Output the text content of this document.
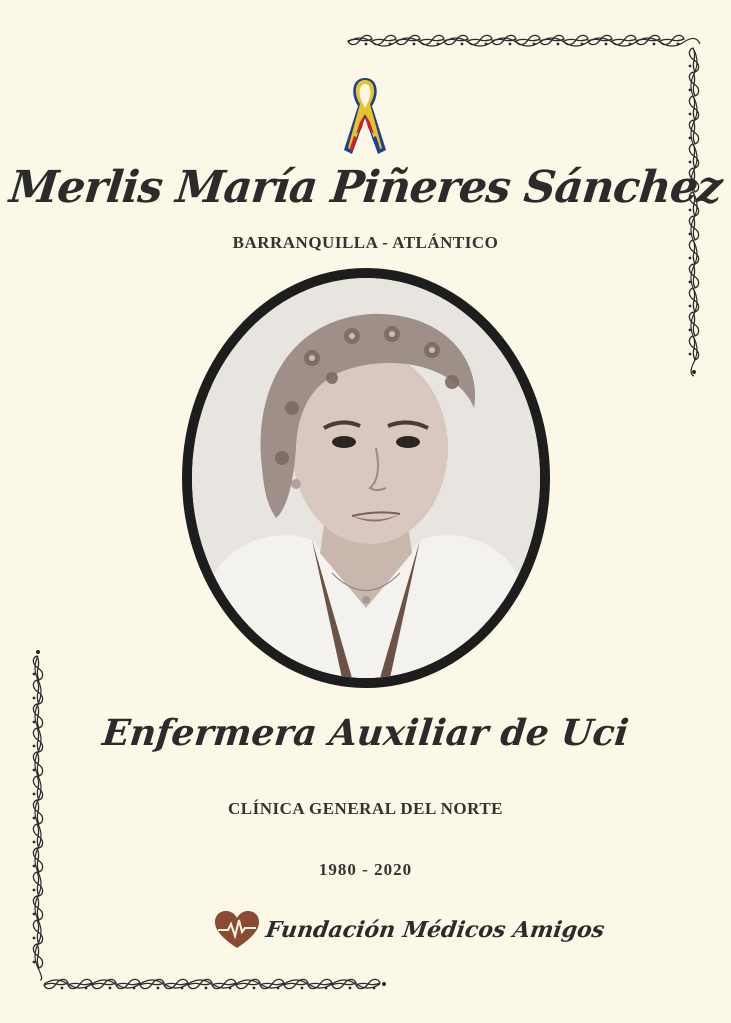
Merlis María Piñeres Sánchez
BARRANQUILLA - ATLÁNTICO
Enfermera Auxiliar de Uci
CLÍNICA GENERAL DEL NORTE
1980 - 2020
Fundación Médicos Amigos
